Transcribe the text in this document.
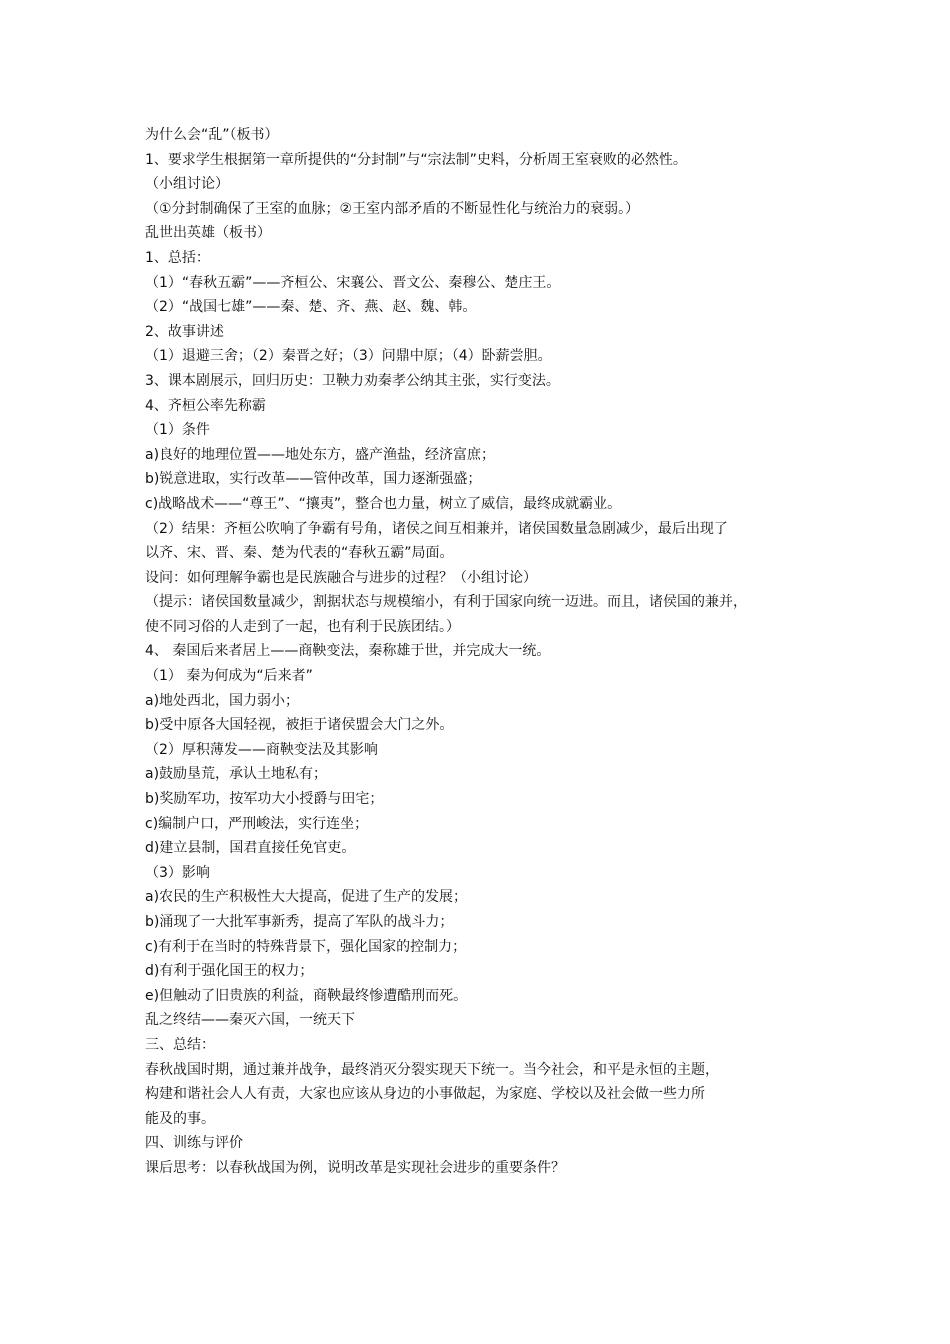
为什么会“乱”（板书）
1、要求学生根据第一章所提供的“分封制”与“宗法制”史料，分析周王室衰败的必然性。
（小组讨论）
（①分封制确保了王室的血脉；②王室内部矛盾的不断显性化与统治力的衰弱。）
乱世出英雄（板书）
1、总括：
（1）“春秋五霸”——齐桓公、宋襄公、晋文公、秦穆公、楚庄王。
（2）“战国七雄”——秦、楚、齐、燕、赵、魏、韩。
2、故事讲述
（1）退避三舍；（2）秦晋之好；（3）问鼎中原；（4）卧薪尝胆。
3、课本剧展示，回归历史：卫鞅力劝秦孝公纳其主张，实行变法。
4、齐桓公率先称霸
（1）条件
a)良好的地理位置——地处东方，盛产渔盐，经济富庶；
b)锐意进取，实行改革——管仲改革，国力逐渐强盛；
c)战略战术——“尊王”、“攘夷”，整合也力量，树立了威信，最终成就霸业。
（2）结果：齐桓公吹响了争霸有号角，诸侯之间互相兼并，诸侯国数量急剧减少，最后出现了
以齐、宋、晋、秦、楚为代表的“春秋五霸”局面。
设问：如何理解争霸也是民族融合与进步的过程？（小组讨论）
（提示：诸侯国数量减少，割据状态与规模缩小，有利于国家向统一迈进。而且，诸侯国的兼并，
使不同习俗的人走到了一起，也有利于民族团结。）
4、 秦国后来者居上——商鞅变法，秦称雄于世，并完成大一统。
（1） 秦为何成为“后来者”
a)地处西北，国力弱小；
b)受中原各大国轻视，被拒于诸侯盟会大门之外。
（2）厚积薄发——商鞅变法及其影响
a)鼓励垦荒，承认土地私有；
b)奖励军功，按军功大小授爵与田宅；
c)编制户口，严刑峻法，实行连坐；
d)建立县制，国君直接任免官吏。
（3）影响
a)农民的生产积极性大大提高，促进了生产的发展；
b)涌现了一大批军事新秀，提高了军队的战斗力；
c)有利于在当时的特殊背景下，强化国家的控制力；
d)有利于强化国王的权力；
e)但触动了旧贵族的利益，商鞅最终惨遭酷刑而死。
乱之终结——秦灭六国，一统天下
三、总结：
春秋战国时期，通过兼并战争，最终消灭分裂实现天下统一。当今社会，和平是永恒的主题，
构建和谐社会人人有责，大家也应该从身边的小事做起，为家庭、学校以及社会做一些力所
能及的事。
四、训练与评价
课后思考：以春秋战国为例，说明改革是实现社会进步的重要条件？
